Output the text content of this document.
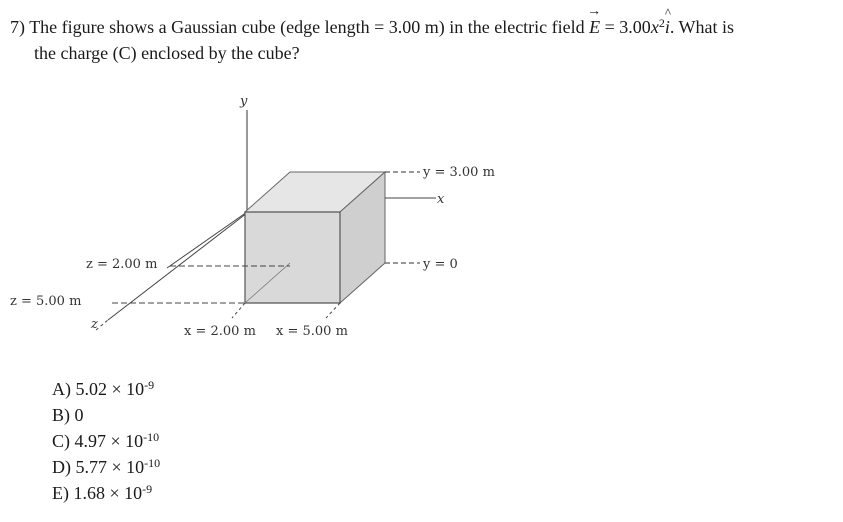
7) The figure shows a Gaussian cube (edge length = 3.00 m) in the electric field
→
$E = 3.00x^2$
^
i. What is
the charge (C) enclosed by the cube?
y
z
x
y = 3.00 m
y = 0
z = 2.00 m
z = 5.00 m
x = 2.00 m x = 5.00 m
A) $5.02 \times 10^{-9}$
B) 0
C) $4.97 \times 10^{-10}$
D) $5.77 \times 10^{-10}$
E) $1.68 \times 10^{-9}$
